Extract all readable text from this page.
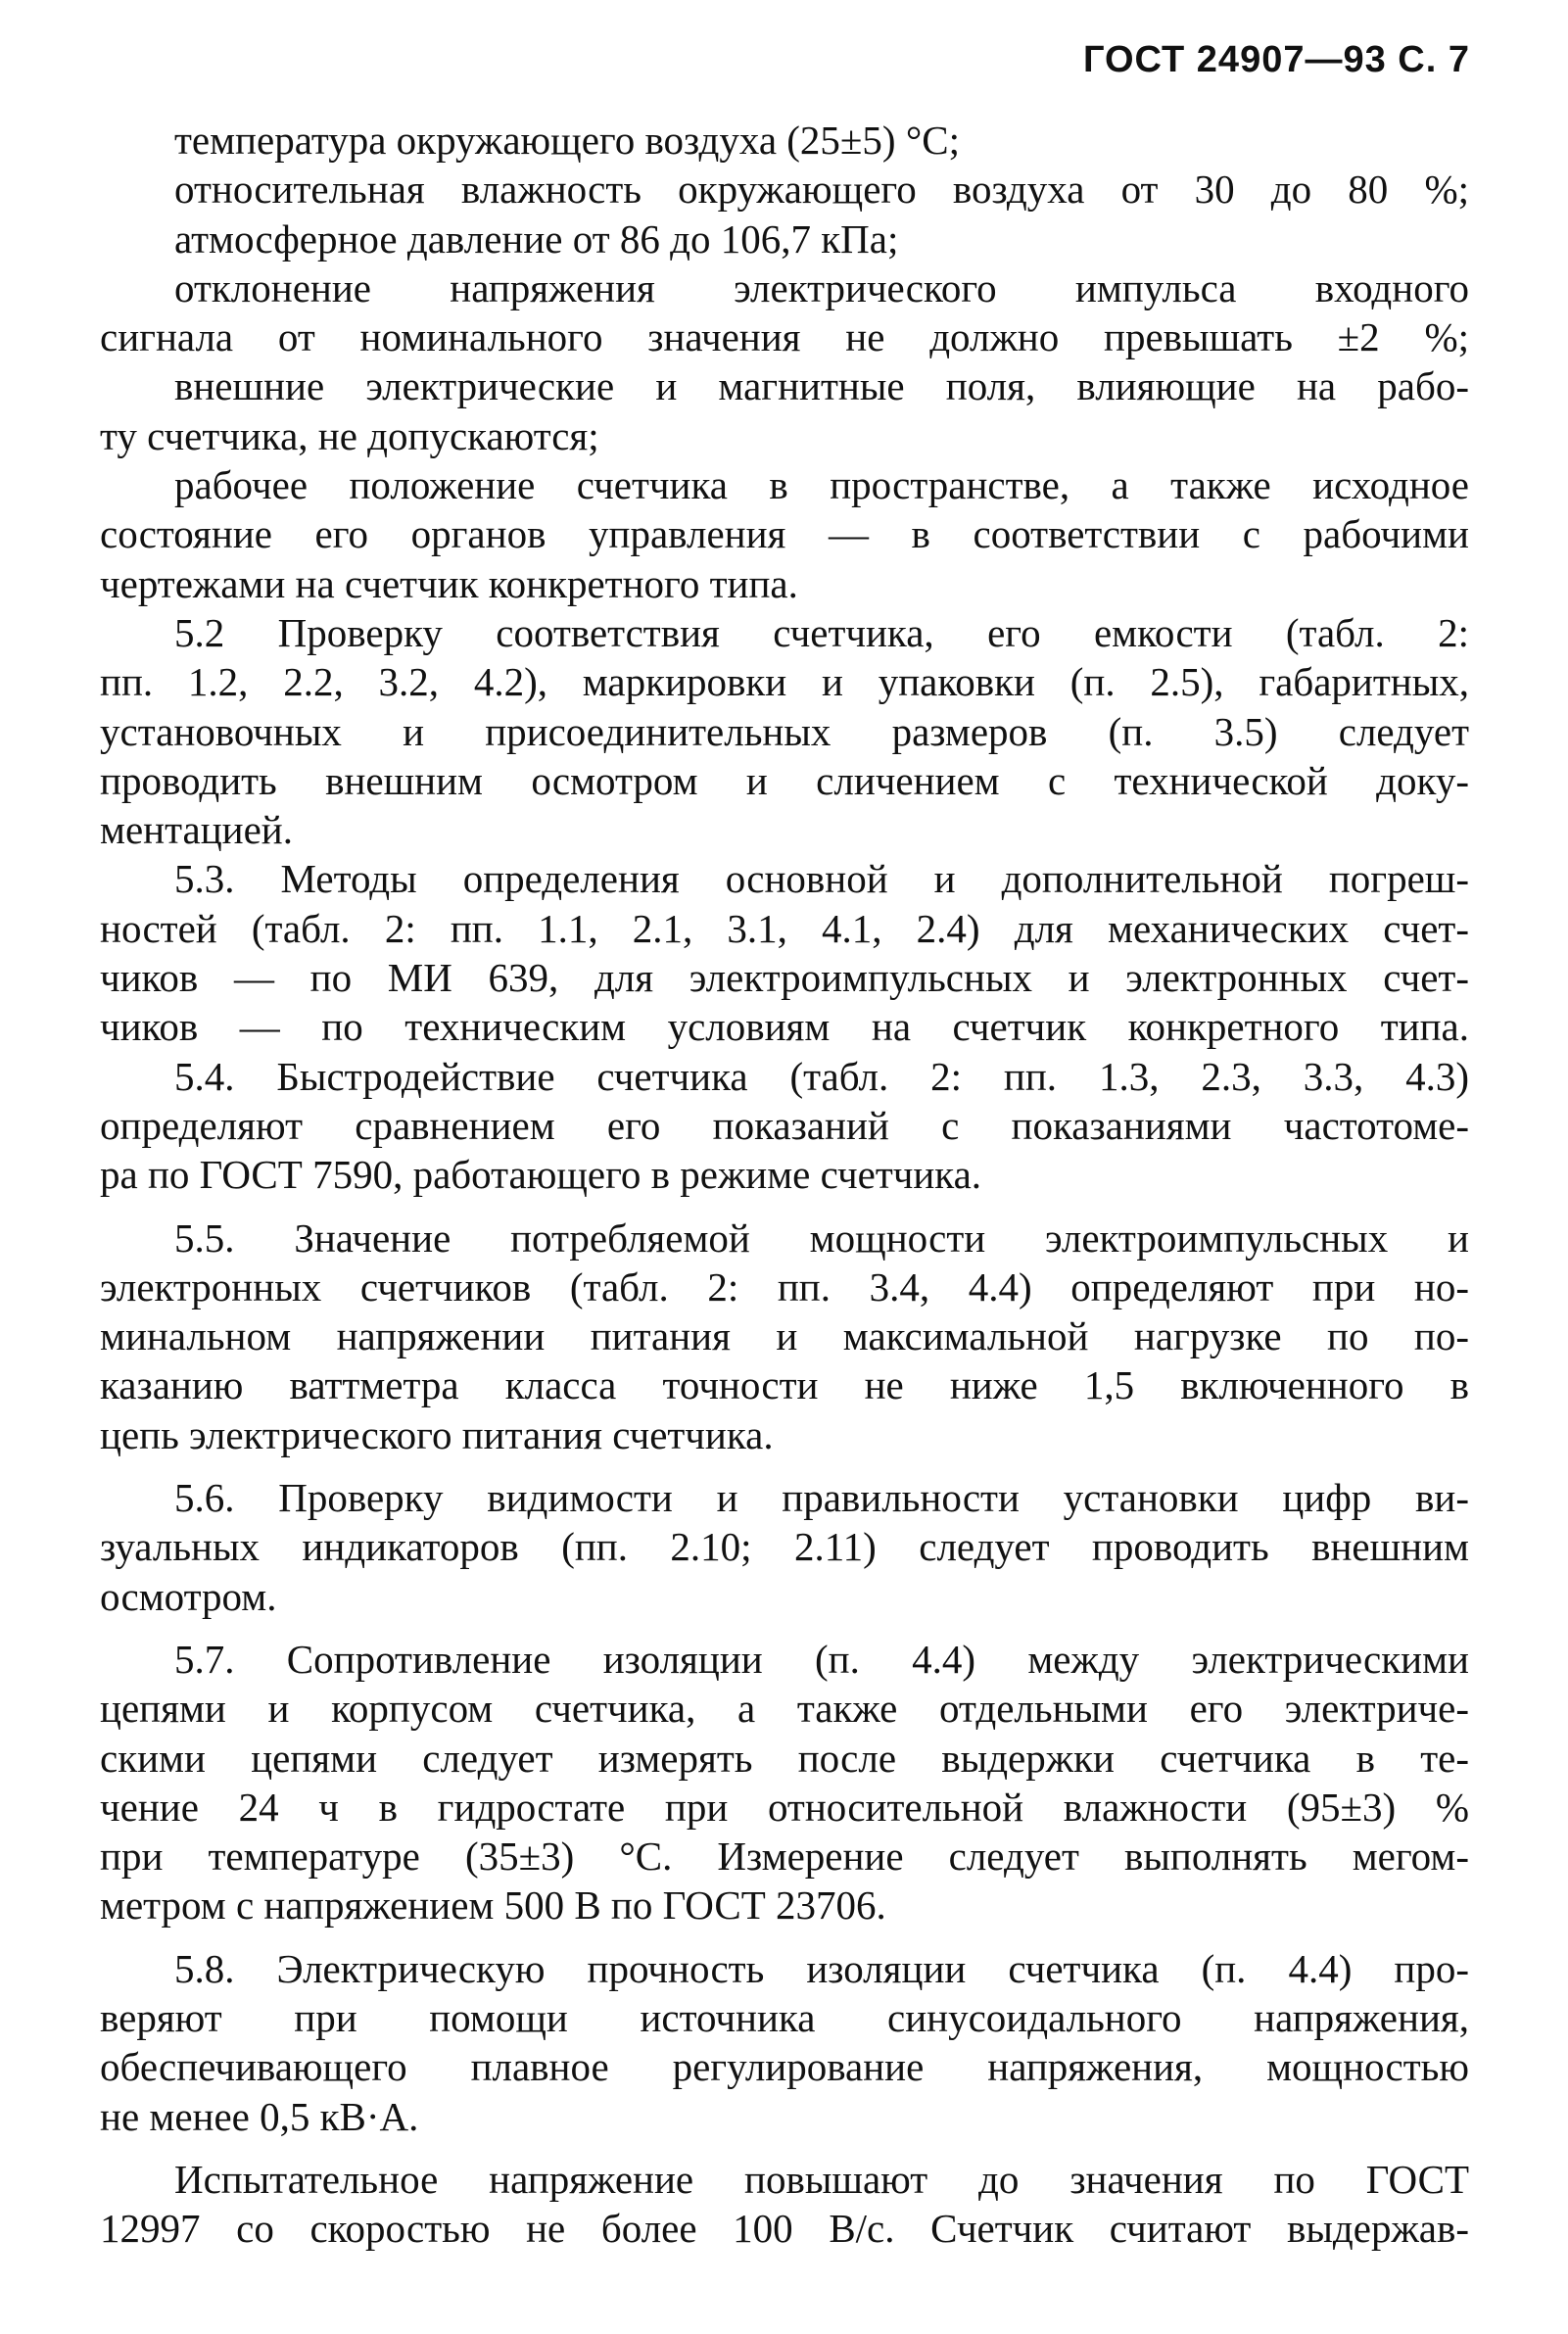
ГОСТ 24907—93 С. 7
температура окружающего воздуха (25±5) °С;
относительная влажность окружающего воздуха от 30 до 80 %;
атмосферное давление от 86 до 106,7 кПа;
отклонение напряжения электрического импульса входного
сигнала от номинального значения не должно превышать ±2 %;
внешние электрические и магнитные поля, влияющие на рабо-
ту счетчика, не допускаются;
рабочее положение счетчика в пространстве, а также исходное
состояние его органов управления — в соответствии с рабочими
чертежами на счетчик конкретного типа.
5.2 Проверку соответствия счетчика, его емкости (табл. 2:
пп. 1.2, 2.2, 3.2, 4.2), маркировки и упаковки (п. 2.5), габаритных,
установочных и присоединительных размеров (п. 3.5) следует
проводить внешним осмотром и сличением с технической доку-
ментацией.
5.3. Методы определения основной и дополнительной погреш-
ностей (табл. 2: пп. 1.1, 2.1, 3.1, 4.1, 2.4) для механических счет-
чиков — по МИ 639, для электроимпульсных и электронных счет-
чиков — по техническим условиям на счетчик конкретного типа.
5.4. Быстродействие счетчика (табл. 2: пп. 1.3, 2.3, 3.3, 4.3)
определяют сравнением его показаний с показаниями частотоме-
ра по ГОСТ 7590, работающего в режиме счетчика.
5.5. Значение потребляемой мощности электроимпульсных и
электронных счетчиков (табл. 2: пп. 3.4, 4.4) определяют при но-
минальном напряжении питания и максимальной нагрузке по по-
казанию ваттметра класса точности не ниже 1,5 включенного в
цепь электрического питания счетчика.
5.6. Проверку видимости и правильности установки цифр ви-
зуальных индикаторов (пп. 2.10; 2.11) следует проводить внешним
осмотром.
5.7. Сопротивление изоляции (п. 4.4) между электрическими
цепями и корпусом счетчика, а также отдельными его электриче-
скими цепями следует измерять после выдержки счетчика в те-
чение 24 ч в гидростате при относительной влажности (95±3) %
при температуре (35±3) °С. Измерение следует выполнять мегом-
метром с напряжением 500 В по ГОСТ 23706.
5.8. Электрическую прочность изоляции счетчика (п. 4.4) про-
веряют при помощи источника синусоидального напряжения,
обеспечивающего плавное регулирование напряжения, мощностью
не менее 0,5 кВ·А.
Испытательное напряжение повышают до значения по ГОСТ
12997 со скоростью не более 100 В/с. Счетчик считают выдержав-
